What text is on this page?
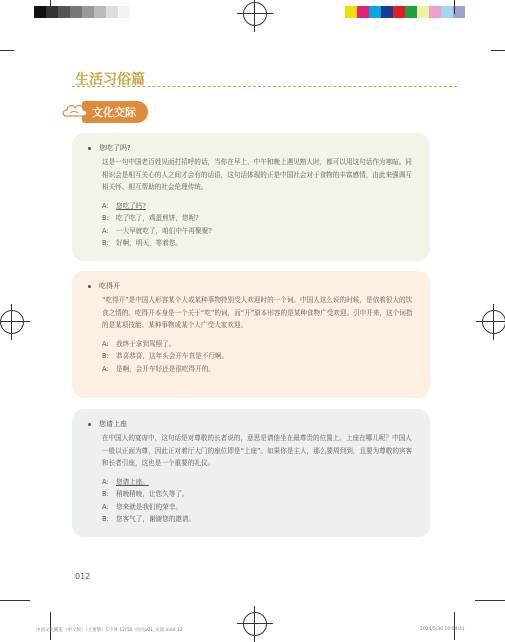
生活习俗篇
文化交际
您吃了吗?

这是一句中国老百姓见面打招呼的话，当你在早上、中午和晚上遇见熟人时，都可以用这句话作为寒暄。同相识会是相互关心的人之间才会有的话语，这句话体现的正是中国社会对于食物的丰富感情，由此来强调互相关怀、相互帮助的社会伦理传统。

A: 您吃了吗?
B: 吃了吃了，鸡蛋煎饼，您呢?
A: 一大早就吃了，咱们中午再聚聚?
B: 好啊，明天，等着您。
吃得开

“吃得开”是中国人形容某个人或某种事物特别受人欢迎时的一个词。中国人这么说的时候，是依着很大的饮食之情的。吃得开本身是一个关于“吃”的词，而“开”原本形容的是某种食物广受欢迎。引申开来，这个词指的是某项技能、某种事物或某个人广受大家欢迎。

A: 我终于拿到驾照了。
B: 恭喜恭喜，这年头会开车真是不行啊。
A: 是啊，会开车好还是很吃得开的。
您请上座

在中国人的宴席中，这句话是对尊敬的长者说的，意思是请他坐在最尊贵的位置上。上座在哪儿呢？中国人一般以正面为尊，因此正对着厅大门的座位即是“上座”。如果你是主人，那么要周到到，且要为尊敬的宾客和长者引座，这也是一个重要的礼仪。

A: 您请上座。
B: 稍晚稍晚，让您久等了。
A: 您来就是我们的荣幸。
B: 您客气了，谢谢您的邀请。
012
中国文化概览（中文版）（主要版）C字体 12/16 -内页p01_页面.indd 12	2024/5/30 10:04:41
